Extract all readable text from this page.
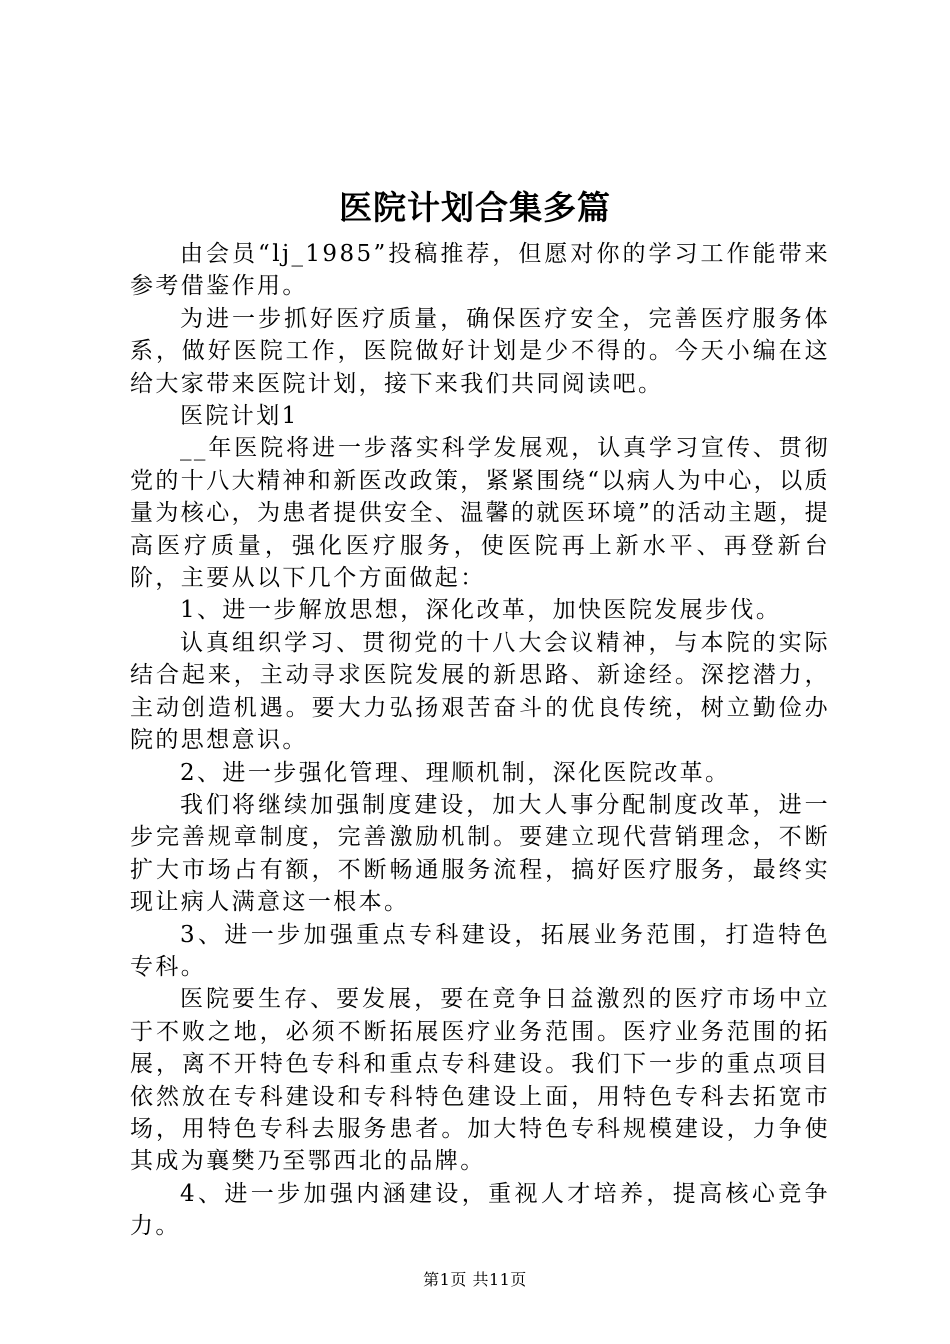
医院计划合集多篇

由会员“lj_1985”投稿推荐，但愿对你的学习工作能带来参考借鉴作用。

为进一步抓好医疗质量，确保医疗安全，完善医疗服务体系，做好医院工作，医院做好计划是少不得的。今天小编在这给大家带来医院计划，接下来我们共同阅读吧。

医院计划1

__年医院将进一步落实科学发展观，认真学习宣传、贯彻党的十八大精神和新医改政策，紧紧围绕“以病人为中心，以质量为核心，为患者提供安全、温馨的就医环境”的活动主题，提高医疗质量，强化医疗服务，使医院再上新水平、再登新台阶，主要从以下几个方面做起：

1、进一步解放思想，深化改革，加快医院发展步伐。

认真组织学习、贯彻党的十八大会议精神，与本院的实际结合起来，主动寻求医院发展的新思路、新途经。深挖潜力，主动创造机遇。要大力弘扬艰苦奋斗的优良传统，树立勤俭办院的思想意识。

2、进一步强化管理、理顺机制，深化医院改革。

我们将继续加强制度建设，加大人事分配制度改革，进一步完善规章制度，完善激励机制。要建立现代营销理念，不断扩大市场占有额，不断畅通服务流程，搞好医疗服务，最终实现让病人满意这一根本。

3、进一步加强重点专科建设，拓展业务范围，打造特色专科。

医院要生存、要发展，要在竞争日益激烈的医疗市场中立于不败之地，必须不断拓展医疗业务范围。医疗业务范围的拓展，离不开特色专科和重点专科建设。我们下一步的重点项目依然放在专科建设和专科特色建设上面，用特色专科去拓宽市场，用特色专科去服务患者。加大特色专科规模建设，力争使其成为襄樊乃至鄂西北的品牌。

4、进一步加强内涵建设，重视人才培养，提高核心竞争力。

第1页 共11页
